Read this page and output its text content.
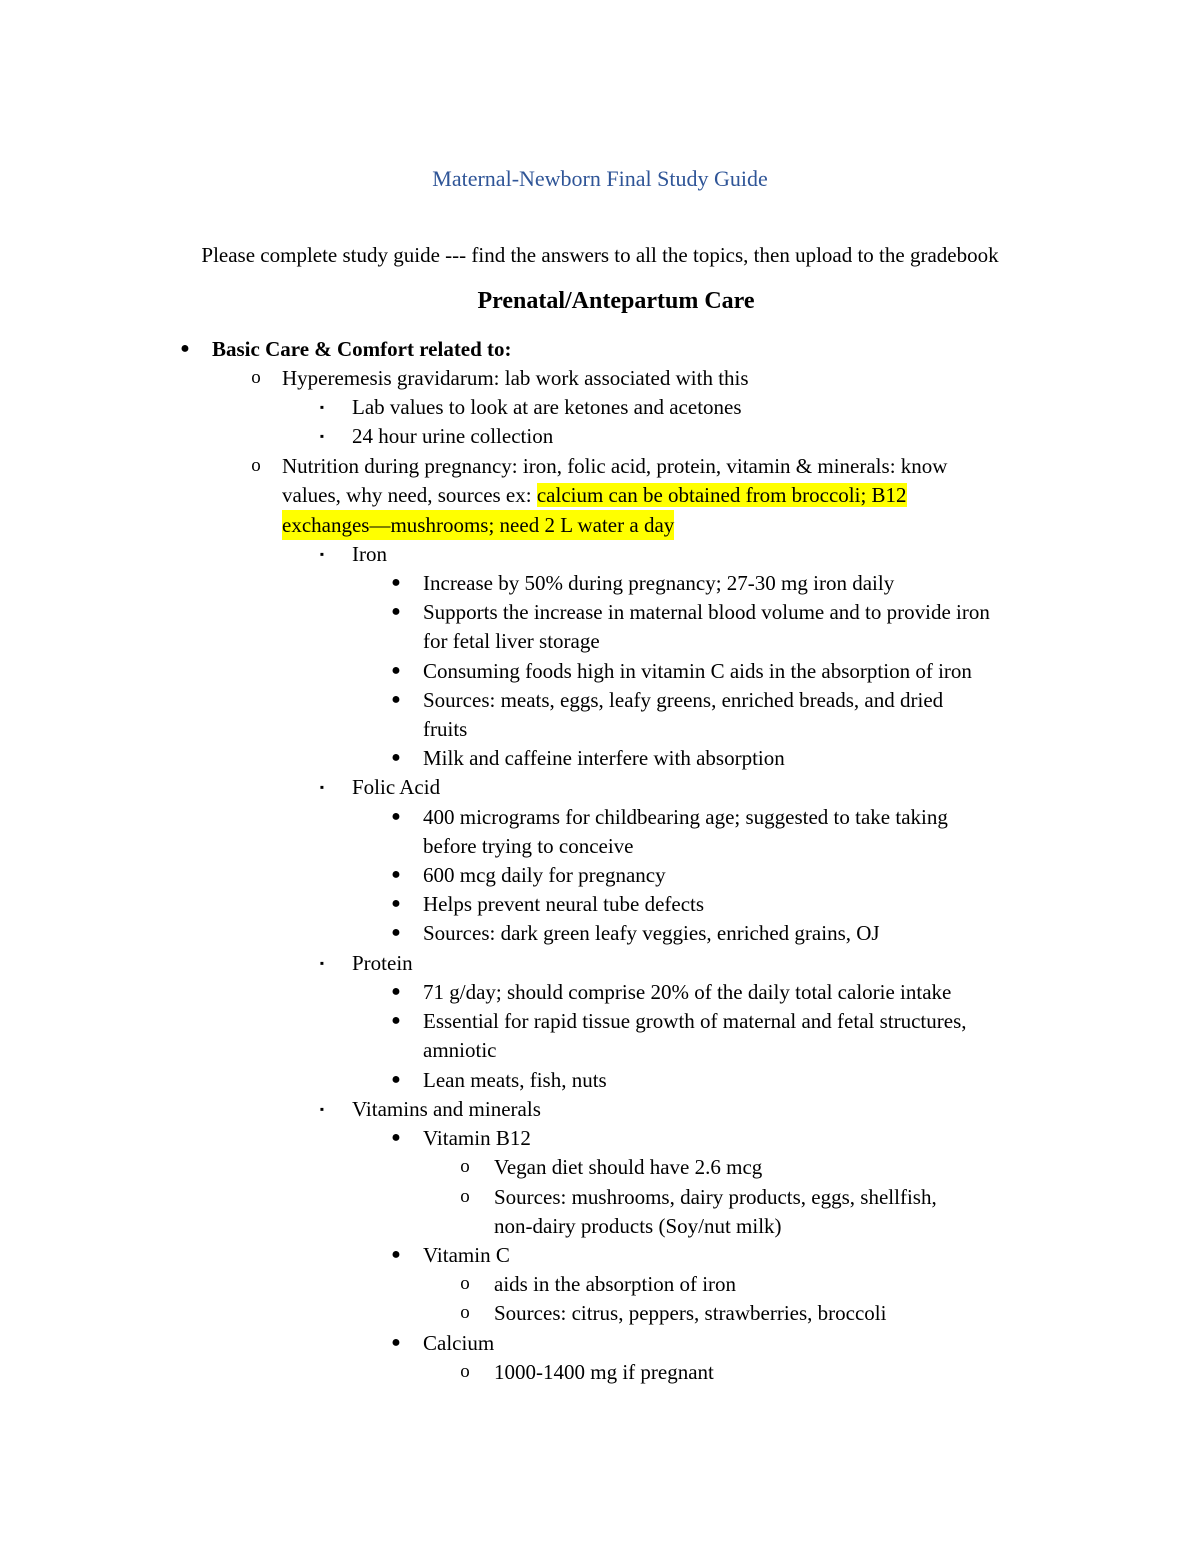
Maternal-Newborn Final Study Guide
Please complete study guide --- find the answers to all the topics, then upload to the gradebook
Prenatal/Antepartum Care
● Basic Care & Comfort related to:
o Hyperemesis gravidarum: lab work associated with this
▪	Lab values to look at are ketones and acetones
▪	24 hour urine collection
o Nutrition during pregnancy: iron, folic acid, protein, vitamin & minerals: know
values, why need, sources ex: calcium can be obtained from broccoli; B12
exchanges—mushrooms; need 2 L water a day
▪	Iron
● Increase by 50% during pregnancy; 27-30 mg iron daily
● Supports the increase in maternal blood volume and to provide iron
for fetal liver storage
● Consuming foods high in vitamin C aids in the absorption of iron
● Sources: meats, eggs, leafy greens, enriched breads, and dried
fruits
● Milk and caffeine interfere with absorption
▪	Folic Acid
● 400 micrograms for childbearing age; suggested to take taking
before trying to conceive
● 600 mcg daily for pregnancy
● Helps prevent neural tube defects
● Sources: dark green leafy veggies, enriched grains, OJ
▪	Protein
● 71 g/day; should comprise 20% of the daily total calorie intake
● Essential for rapid tissue growth of maternal and fetal structures,
amniotic
● Lean meats, fish, nuts
▪	Vitamins and minerals
● Vitamin B12
o Vegan diet should have 2.6 mcg
o Sources: mushrooms, dairy products, eggs, shellfish,
non-dairy products (Soy/nut milk)
● Vitamin C
o aids in the absorption of iron
o Sources: citrus, peppers, strawberries, broccoli
● Calcium
o 1000-1400 mg if pregnant
